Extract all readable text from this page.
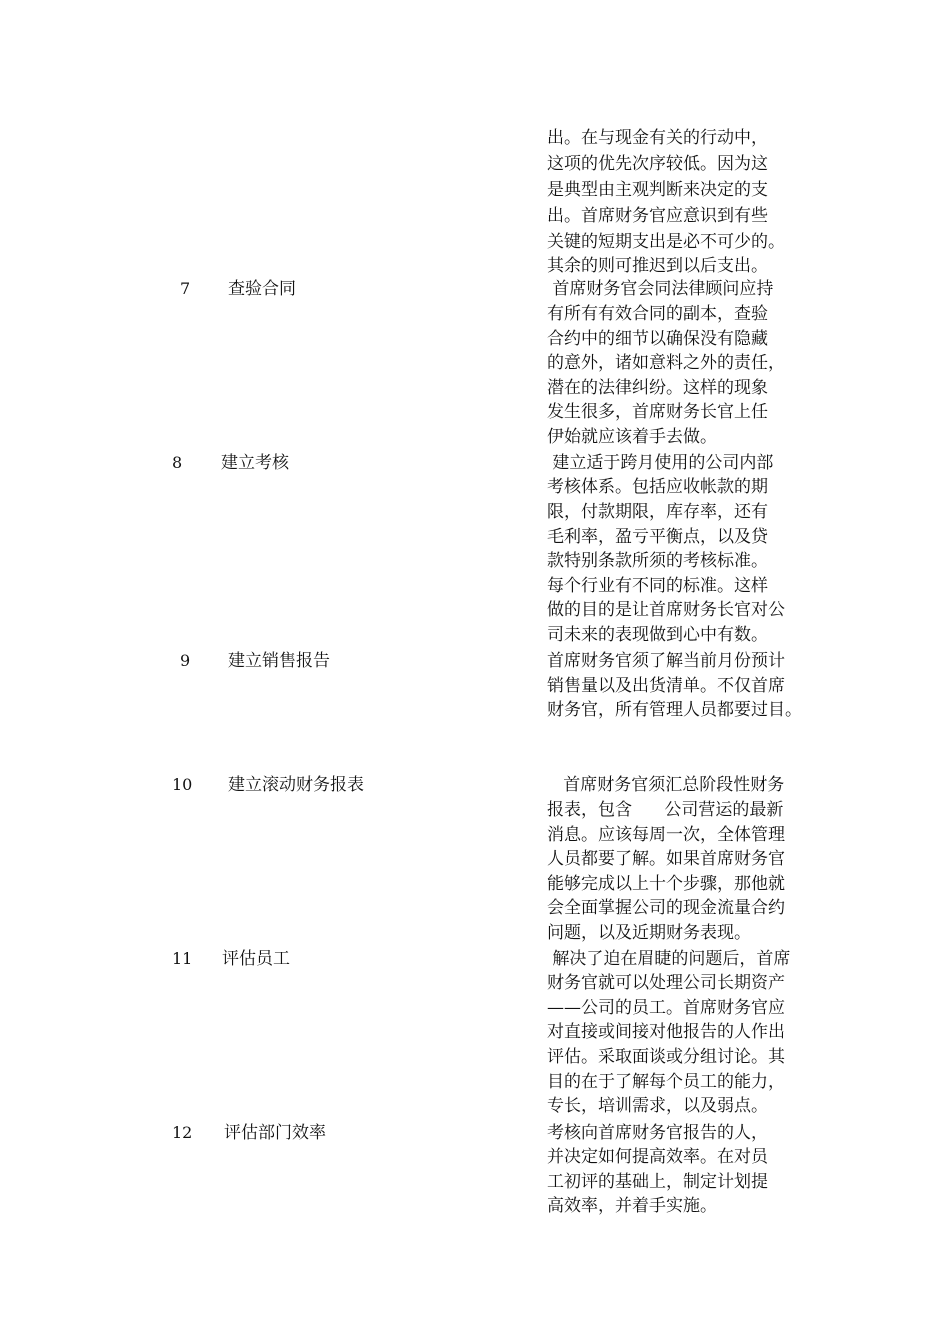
出。在与现金有关的行动中，
这项的优先次序较低。因为这
是典型由主观判断来决定的支
出。首席财务官应意识到有些
关键的短期支出是必不可少的。
其余的则可推迟到以后支出。
7 查验合同	首席财务官会同法律顾问应持
有所有有效合同的副本，查验
合约中的细节以确保没有隐藏
的意外，诸如意料之外的责任，
潜在的法律纠纷。这样的现象
发生很多，首席财务长官上任
伊始就应该着手去做。
8 建立考核	建立适于跨月使用的公司内部
考核体系。包括应收帐款的期
限，付款期限，库存率，还有
毛利率，盈亏平衡点，以及贷
款特别条款所须的考核标准。
每个行业有不同的标准。这样
做的目的是让首席财务长官对公
司未来的表现做到心中有数。
9 建立销售报告	首席财务官须了解当前月份预计
销售量以及出货清单。不仅首席
财务官，所有管理人员都要过目。
10 建立滚动财务报表	首席财务官须汇总阶段性财务
报表，包含      公司营运的最新
消息。应该每周一次，全体管理
人员都要了解。如果首席财务官
能够完成以上十个步骤，那他就
会全面掌握公司的现金流量合约
问题，以及近期财务表现。
11 评估员工	解决了迫在眉睫的问题后，首席
财务官就可以处理公司长期资产
——公司的员工。首席财务官应
对直接或间接对他报告的人作出
评估。采取面谈或分组讨论。其
目的在于了解每个员工的能力，
专长，培训需求，以及弱点。
12 评估部门效率	考核向首席财务官报告的人，
并决定如何提高效率。在对员
工初评的基础上，制定计划提
高效率，并着手实施。
